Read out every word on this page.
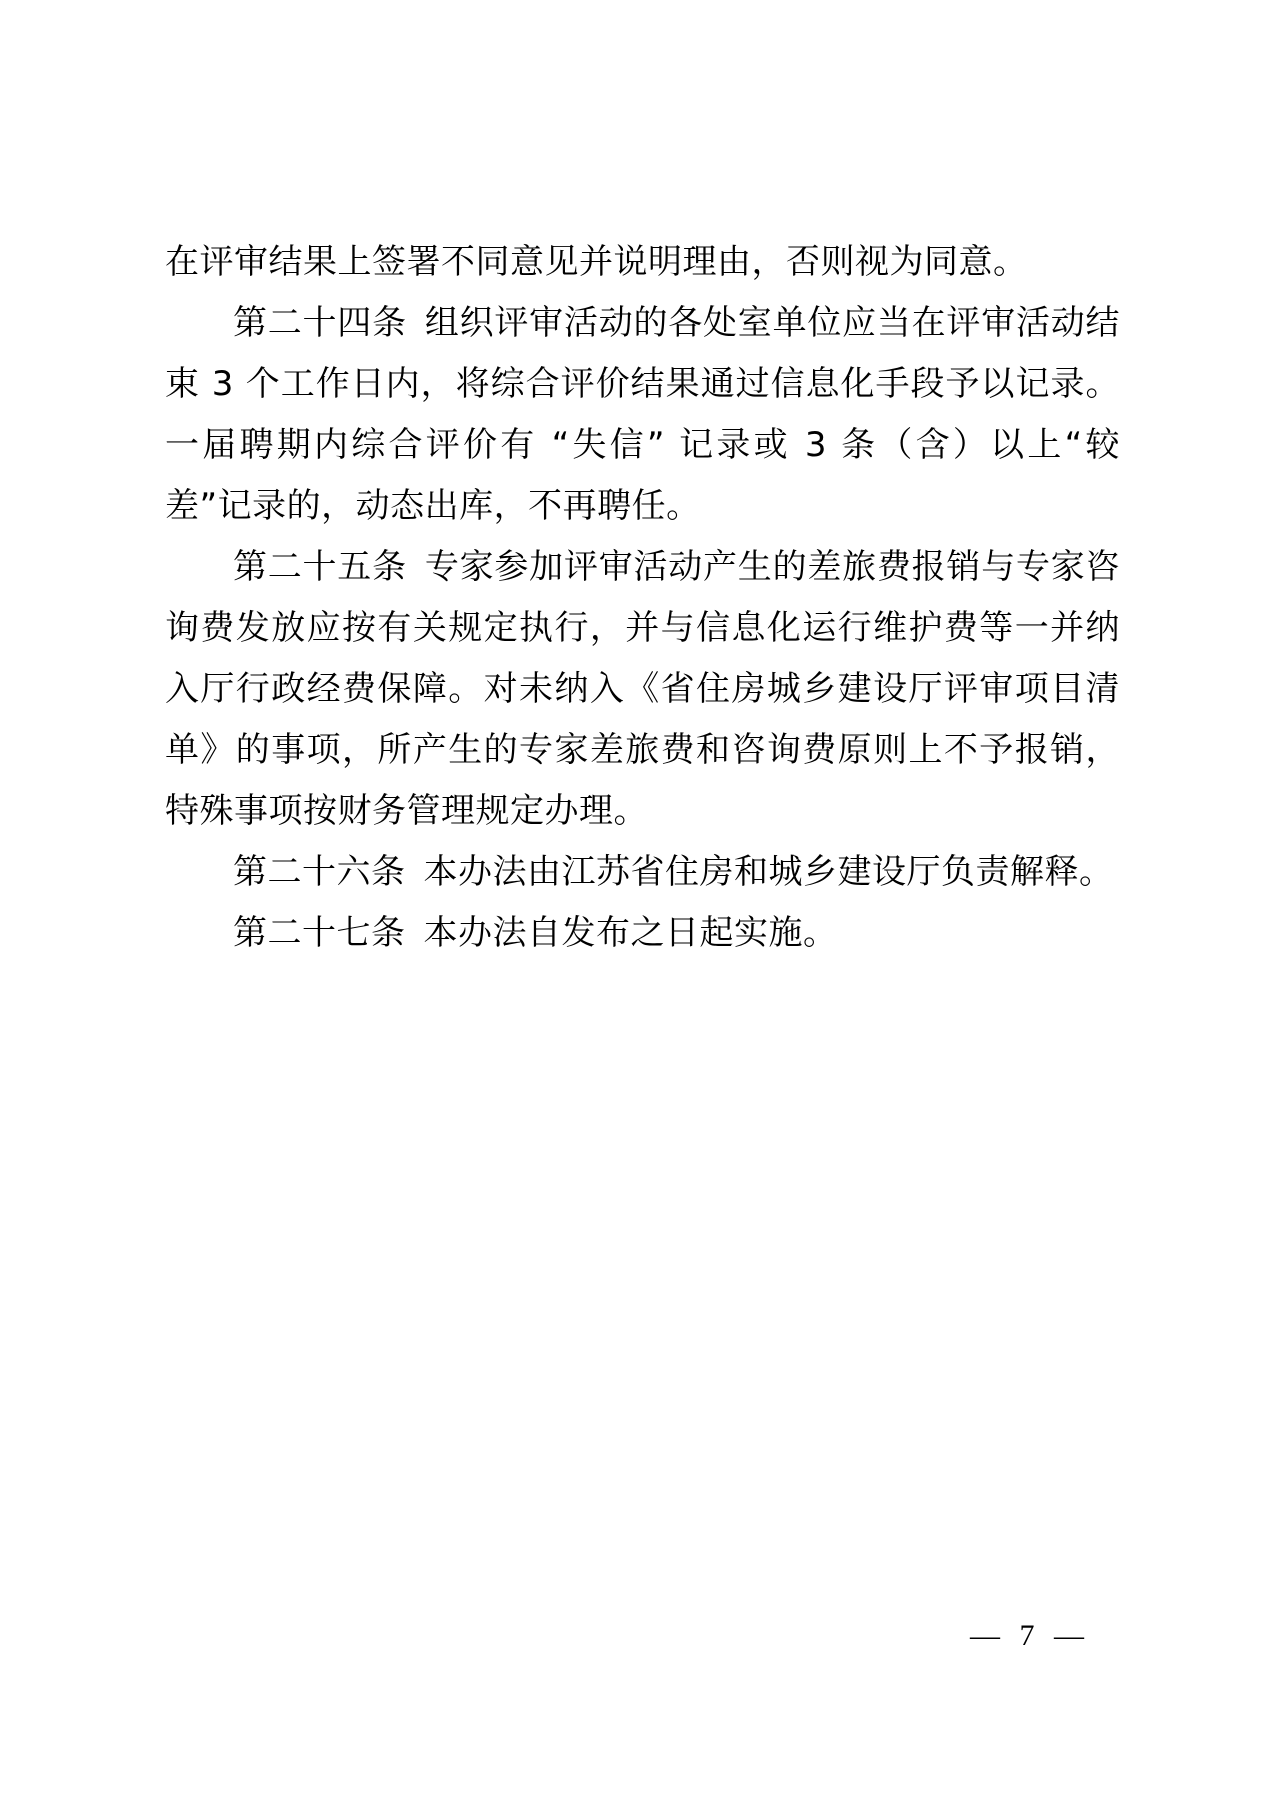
在评审结果上签署不同意见并说明理由，否则视为同意。

第二十四条 组织评审活动的各处室单位应当在评审活动结束 3 个工作日内，将综合评价结果通过信息化手段予以记录。一届聘期内综合评价有 “失信” 记录或 3 条（含）以上“较差”记录的，动态出库，不再聘任。

第二十五条 专家参加评审活动产生的差旅费报销与专家咨询费发放应按有关规定执行，并与信息化运行维护费等一并纳入厅行政经费保障。对未纳入《省住房城乡建设厅评审项目清单》的事项，所产生的专家差旅费和咨询费原则上不予报销，特殊事项按财务管理规定办理。

第二十六条 本办法由江苏省住房和城乡建设厅负责解释。

第二十七条 本办法自发布之日起实施。

— 7 —
